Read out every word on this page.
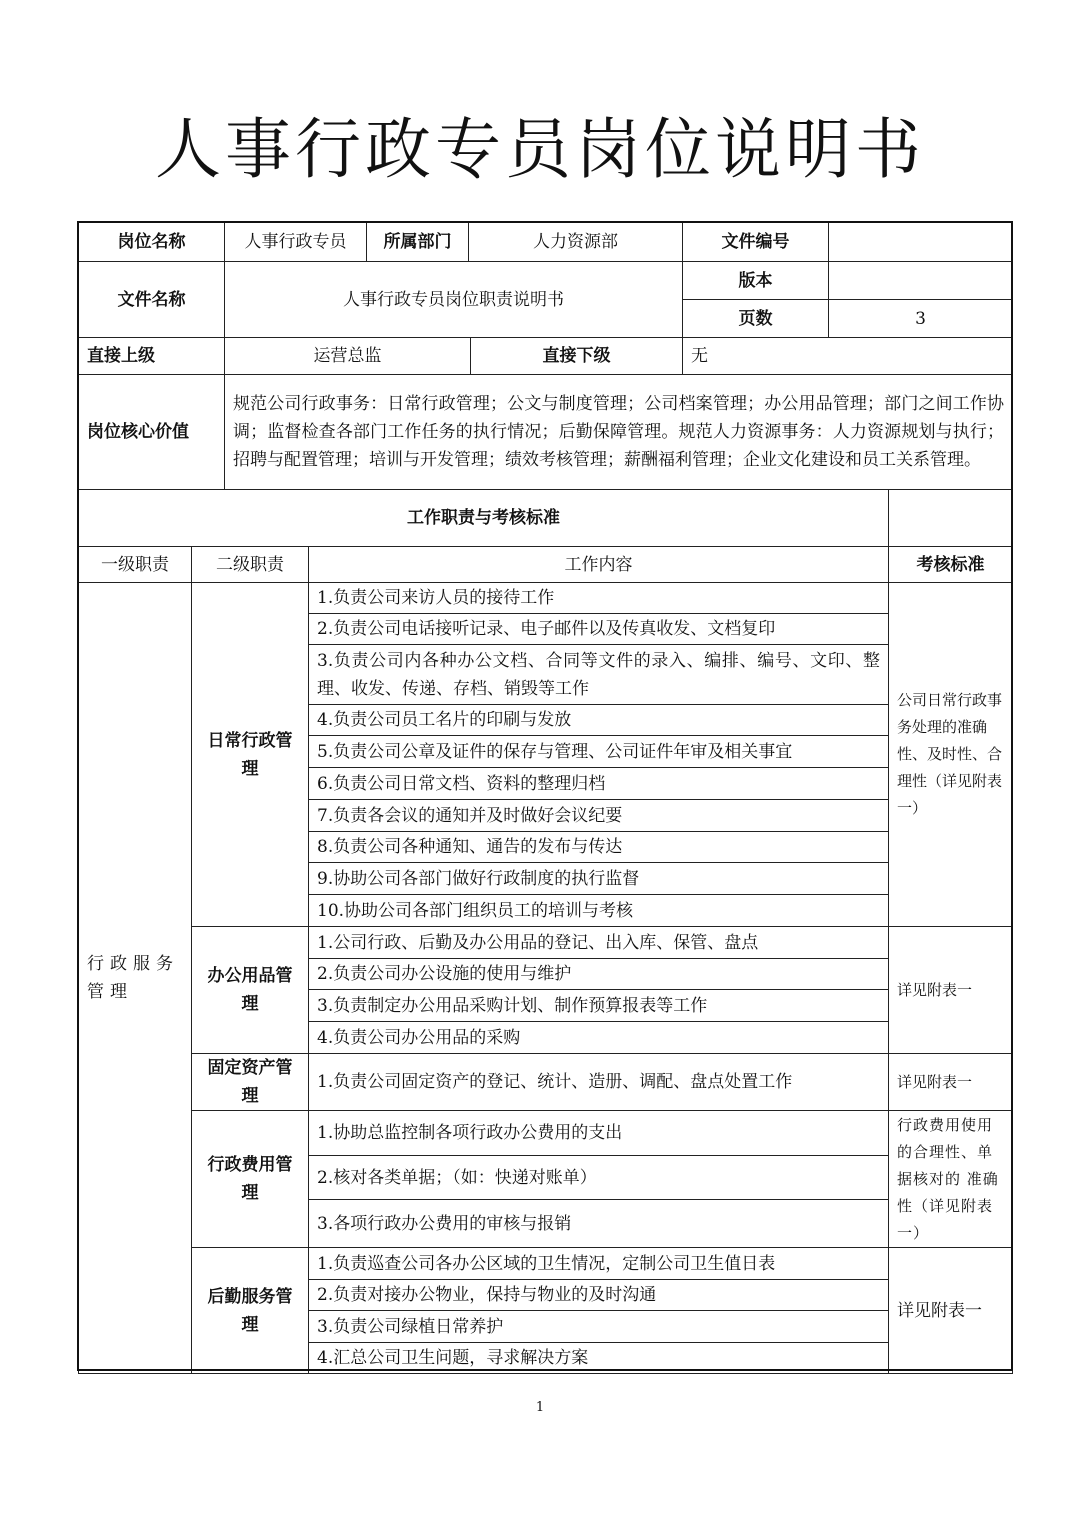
人事行政专员岗位说明书
岗位名称	人事行政专员	所属部门	人力资源部	文件编号	
文件名称	人事行政专员岗位职责说明书			版本	
				页数	3
直接上级	运营总监	直接下级	无
岗位核心价值	规范公司行政事务：日常行政管理；公文与制度管理；公司档案管理；办公用品管理；部门之间工作协调；监督检查各部门工作任务的执行情况；后勤保障管理。规范人力资源事务：人力资源规划与执行；招聘与配置管理；培训与开发管理；绩效考核管理；薪酬福利管理；企业文化建设和员工关系管理。		
工作职责与考核标准			
一级职责	二级职责	工作内容	考核标准
行政服务管理	日常行政管理	1.负责公司来访人员的接待工作	公司日常行政事务处理的准确性、及时性、合理性（详见附表一）
		2.负责公司电话接听记录、电子邮件以及传真收发、文档复印	
		3.负责公司内各种办公文档、合同等文件的录入、编排、编号、文印、整理、收发、传递、存档、销毁等工作	
		4.负责公司员工名片的印刷与发放	
		5.负责公司公章及证件的保存与管理、公司证件年审及相关事宜	
		6.负责公司日常文档、资料的整理归档	
		7.负责各会议的通知并及时做好会议纪要	
		8.负责公司各种通知、通告的发布与传达	
		9.协助公司各部门做好行政制度的执行监督	
		10.协助公司各部门组织员工的培训与考核	
	办公用品管理	1.公司行政、后勤及办公用品的登记、出入库、保管、盘点	详见附表一
		2.负责公司办公设施的使用与维护	
		3.负责制定办公用品采购计划、制作预算报表等工作	
		4.负责公司办公用品的采购	
	固定资产管理	1.负责公司固定资产的登记、统计、造册、调配、盘点处置工作	详见附表一
	行政费用管理	1.协助总监控制各项行政办公费用的支出	行政费用使用的合理性、单据核对的 准确性（详见附表一）
		2.核对各类单据；（如：快递对账单）	
		3.各项行政办公费用的审核与报销	
	后勤服务管理	1.负责巡查公司各办公区域的卫生情况，定制公司卫生值日表	详见附表一
		2.负责对接办公物业，保持与物业的及时沟通	
		3.负责公司绿植日常养护	
		4.汇总公司卫生问题，寻求解决方案	
1
